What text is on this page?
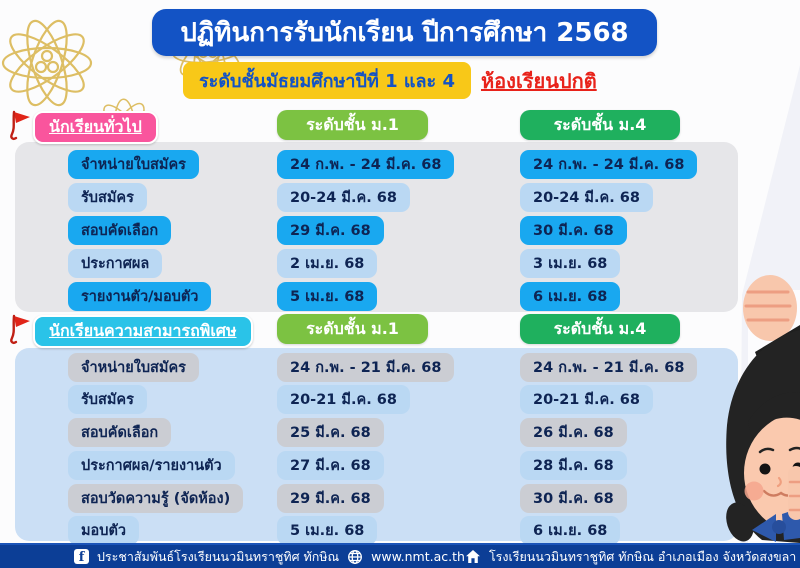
ปฏิทินการรับนักเรียน ปีการศึกษา 2568
ระดับชั้นมัธยมศึกษาปีที่ 1 และ 4	ห้องเรียนปกติ
นักเรียนทั่วไป	ระดับชั้น ม.1	ระดับชั้น ม.4
จำหน่ายใบสมัคร	24 ก.พ. - 24 มี.ค. 68	24 ก.พ. - 24 มี.ค. 68
รับสมัคร	20-24 มี.ค. 68	20-24 มี.ค. 68
สอบคัดเลือก	29 มี.ค. 68	30 มี.ค. 68
ประกาศผล	2 เม.ย. 68	3 เม.ย. 68
รายงานตัว/มอบตัว	5 เม.ย. 68	6 เม.ย. 68
นักเรียนความสามารถพิเศษ	ระดับชั้น ม.1	ระดับชั้น ม.4
จำหน่ายใบสมัคร	24 ก.พ. - 21 มี.ค. 68	24 ก.พ. - 21 มี.ค. 68
รับสมัคร	20-21 มี.ค. 68	20-21 มี.ค. 68
สอบคัดเลือก	25 มี.ค. 68	26 มี.ค. 68
ประกาศผล/รายงานตัว	27 มี.ค. 68	28 มี.ค. 68
สอบวัดความรู้ (จัดห้อง)	29 มี.ค. 68	30 มี.ค. 68
มอบตัว	5 เม.ย. 68	6 เม.ย. 68
f	ประชาสัมพันธ์โรงเรียนนวมินทราชูทิศ ทักษิณ	www.nmt.ac.th โรงเรียนนวมินทราชูทิศ ทักษิณ อำเภอเมือง จังหวัดสงขลา
